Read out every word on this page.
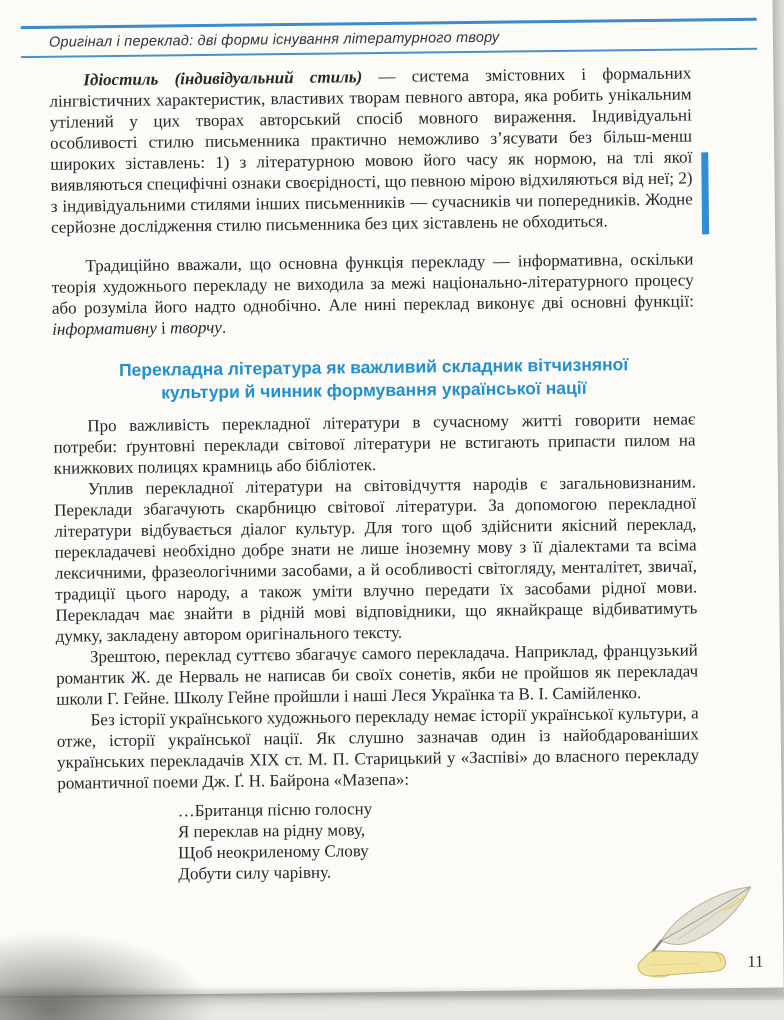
Оригінал і переклад: дві форми існування літературного твору

Ідіостиль (індивідуальний стиль) — система змістовних і формальних лінгвістичних характеристик, властивих творам певного автора, яка робить унікальним утілений у цих творах авторський спосіб мовного вираження. Індивідуальні особливості стилю письменника практично неможливо з’ясувати без більш-менш широких зіставлень: 1) з літературною мовою його часу як нормою, на тлі якої виявляються специфічні ознаки своєрідності, що певною мірою відхиляються від неї; 2) з індивідуальними стилями інших письменників — сучасників чи попередників. Жодне серйозне дослідження стилю письменника без цих зіставлень не обходиться.

Традиційно вважали, що основна функція перекладу — інформативна, оскільки теорія художнього перекладу не виходила за межі національно-літературного процесу або розуміла його надто однобічно. Але нині переклад виконує дві основні функції: інформативну і творчу.

Перекладна література як важливий складник вітчизняної культури й чинник формування української нації

Про важливість перекладної літератури в сучасному житті говорити немає потреби: ґрунтовні переклади світової літератури не встигають припасти пилом на книжкових полицях крамниць або бібліотек.

Уплив перекладної літератури на світовідчуття народів є загальновизнаним. Переклади збагачують скарбницю світової літератури. За допомогою перекладної літератури відбувається діалог культур. Для того щоб здійснити якісний переклад, перекладачеві необхідно добре знати не лише іноземну мову з її діалектами та всіма лексичними, фразеологічними засобами, а й особливості світогляду, менталітет, звичаї, традиції цього народу, а також уміти влучно передати їх засобами рідної мови. Перекладач має знайти в рідній мові відповідники, що якнайкраще відбиватимуть думку, закладену автором оригінального тексту.

Зрештою, переклад суттєво збагачує самого перекладача. Наприклад, французький романтик Ж. де Нерваль не написав би своїх сонетів, якби не пройшов як перекладач школи Г. Гейне. Школу Гейне пройшли і наші Леся Українка та В. І. Самійленко.

Без історії українського художнього перекладу немає історії української культури, а отже, історії української нації. Як слушно зазначав один із найобдарованіших українських перекладачів XIX ст. М. П. Старицький у «Заспіві» до власного перекладу романтичної поеми Дж. Ґ. Н. Байрона «Мазепа»:

…Британця пісню голосну
Я переклав на рідну мову,
Щоб неокриленому Слову
Добути силу чарівну.
11
